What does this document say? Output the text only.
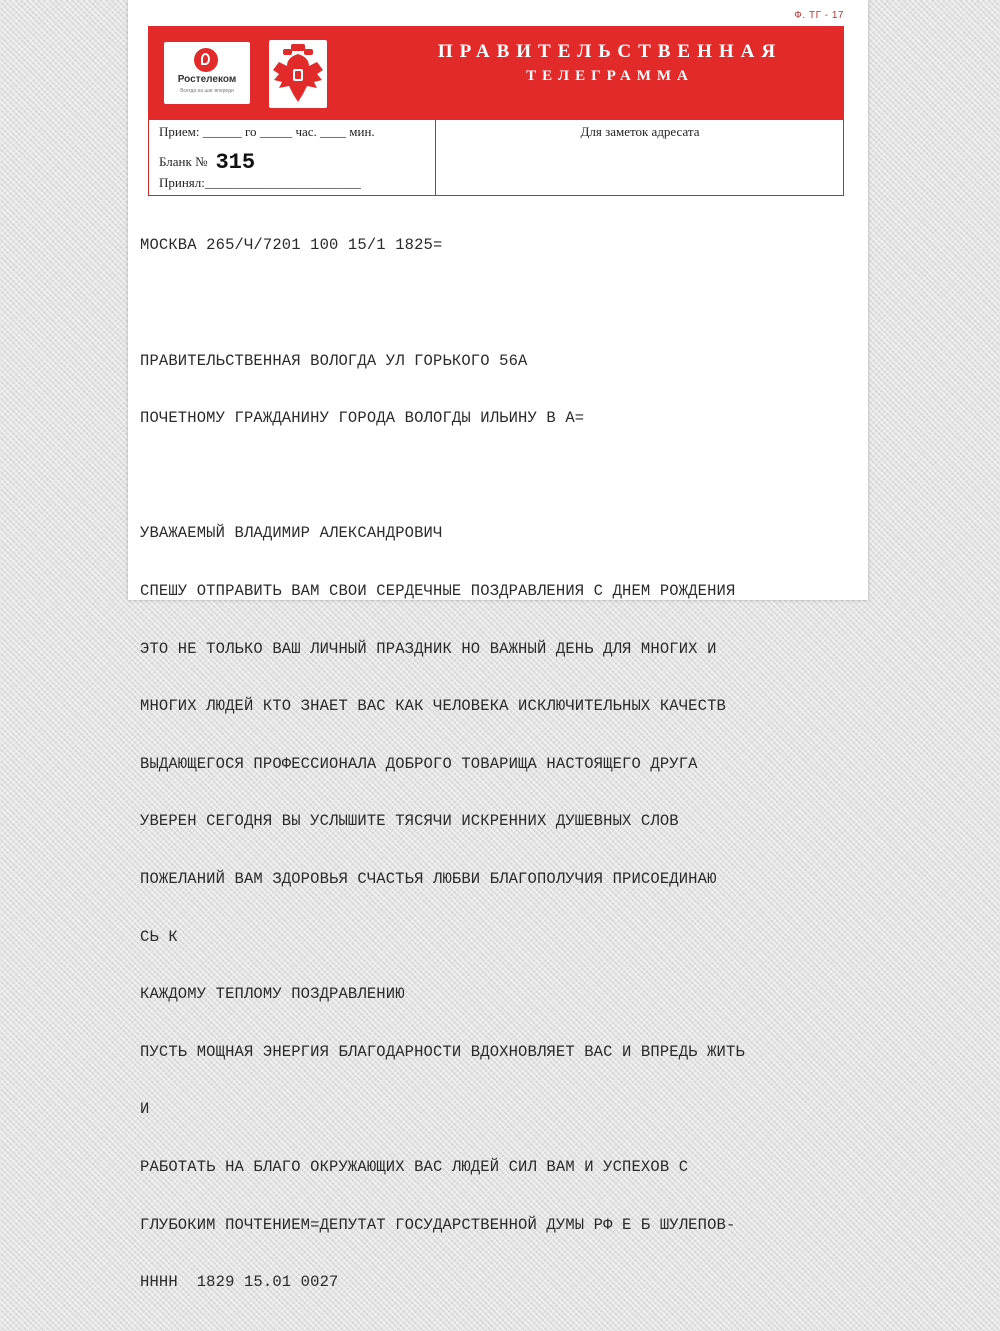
Ф. ТГ - 17
Ростелеком
Всегда на шаг впереди
ПРАВИТЕЛЬСТВЕННАЯ
ТЕЛЕГРАММА
Прием: ______ го _____ час. ____ мин.
Бланк № 315
Принял:________________________
Для заметок адресата

МОСКВА 265/Ч/7201 100 15/1 1825=

ПРАВИТЕЛЬСТВЕННАЯ ВОЛОГДА УЛ ГОРЬКОГО 56А

ПОЧЕТНОМУ ГРАЖДАНИНУ ГОРОДА ВОЛОГДЫ ИЛЬИНУ В А=

УВАЖАЕМЫЙ ВЛАДИМИР АЛЕКСАНДРОВИЧ

СПЕШУ ОТПРАВИТЬ ВАМ СВОИ СЕРДЕЧНЫЕ ПОЗДРАВЛЕНИЯ С ДНЕМ РОЖДЕНИЯ

ЭТО НЕ ТОЛЬКО ВАШ ЛИЧНЫЙ ПРАЗДНИК НО ВАЖНЫЙ ДЕНЬ ДЛЯ МНОГИХ И

МНОГИХ ЛЮДЕЙ КТО ЗНАЕТ ВАС КАК ЧЕЛОВЕКА ИСКЛЮЧИТЕЛЬНЫХ КАЧЕСТВ

ВЫДАЮЩЕГОСЯ ПРОФЕССИОНАЛА ДОБРОГО ТОВАРИЩА НАСТОЯЩЕГО ДРУГА

УВЕРЕН СЕГОДНЯ ВЫ УСЛЫШИТЕ ТЯСЯЧИ ИСКРЕННИХ ДУШЕВНЫХ СЛОВ

ПОЖЕЛАНИЙ ВАМ ЗДОРОВЬЯ СЧАСТЬЯ ЛЮБВИ БЛАГОПОЛУЧИЯ ПРИСОЕДИНАЮ

СЬ К

КАЖДОМУ ТЕПЛОМУ ПОЗДРАВЛЕНИЮ

ПУСТЬ МОЩНАЯ ЭНЕРГИЯ БЛАГОДАРНОСТИ ВДОХНОВЛЯЕТ ВАС И ВПРЕДЬ ЖИТЬ

И

РАБОТАТЬ НА БЛАГО ОКРУЖАЮЩИХ ВАС ЛЮДЕЙ СИЛ ВАМ И УСПЕХОВ С

ГЛУБОКИМ ПОЧТЕНИЕМ=ДЕПУТАТ ГОСУДАРСТВЕННОЙ ДУМЫ РФ Е Б ШУЛЕПОВ-

НННН  1829 15.01 0027
